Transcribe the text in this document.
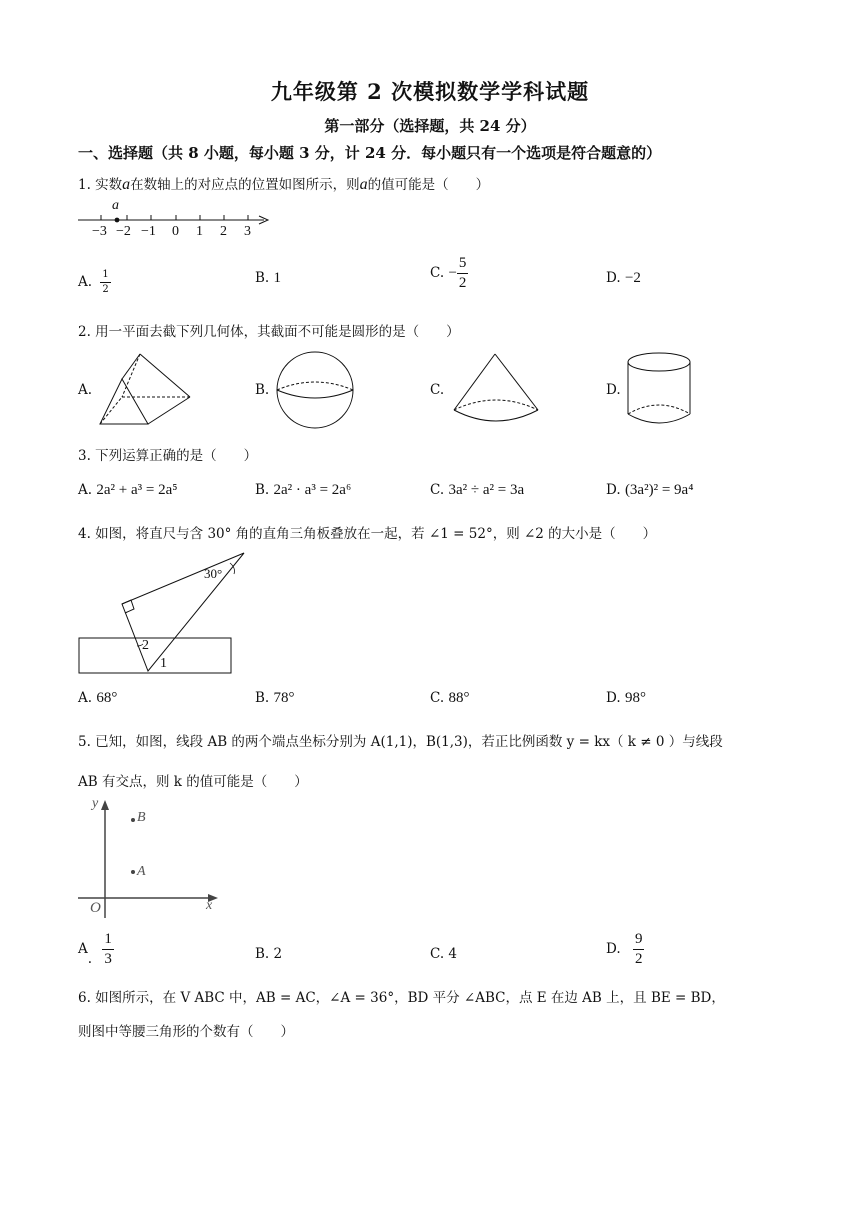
九年级第 2 次模拟数学学科试题
第一部分（选择题，共 24 分）
一、选择题（共 8 小题，每小题 3 分，计 24 分．每小题只有一个选项是符合题意的）
1. 实数a在数轴上的对应点的位置如图所示，则a的值可能是（　　）
a
−3 −2 −1 0 1 2 3
A. $\frac{1}{2}$	B. 1	C. − $\frac{5}{2}$	D. −2
2. 用一平面去截下列几何体，其截面不可能是圆形的是（　　）
A.	B.	C.	D.
3. 下列运算正确的是（　　）
A. 2a² + a³ = 2a⁵	B. 2a² · a³ = 2a⁶	C. 3a² ÷ a² = 3a	D. (3a²)² = 9a⁴
4. 如图，将直尺与含 30° 角的直角三角板叠放在一起，若 ∠1 = 52°，则 ∠2 的大小是（　　）
30°
2
1
A. 68°	B. 78°	C. 88°	D. 98°
5. 已知，如图，线段 AB 的两个端点坐标分别为 A(1,1)，B(1,3)，若正比例函数 y = kx（ k ≠ 0 ）与线段
AB 有交点，则 k 的值可能是（　　）
y
x
O
B
A
A. $\frac{1}{3}$	B. 2	C. 4	D. $\frac{9}{2}$
6. 如图所示，在 V ABC 中，AB = AC，∠A = 36°，BD 平分 ∠ABC，点 E 在边 AB 上，且 BE = BD，
则图中等腰三角形的个数有（　　）
